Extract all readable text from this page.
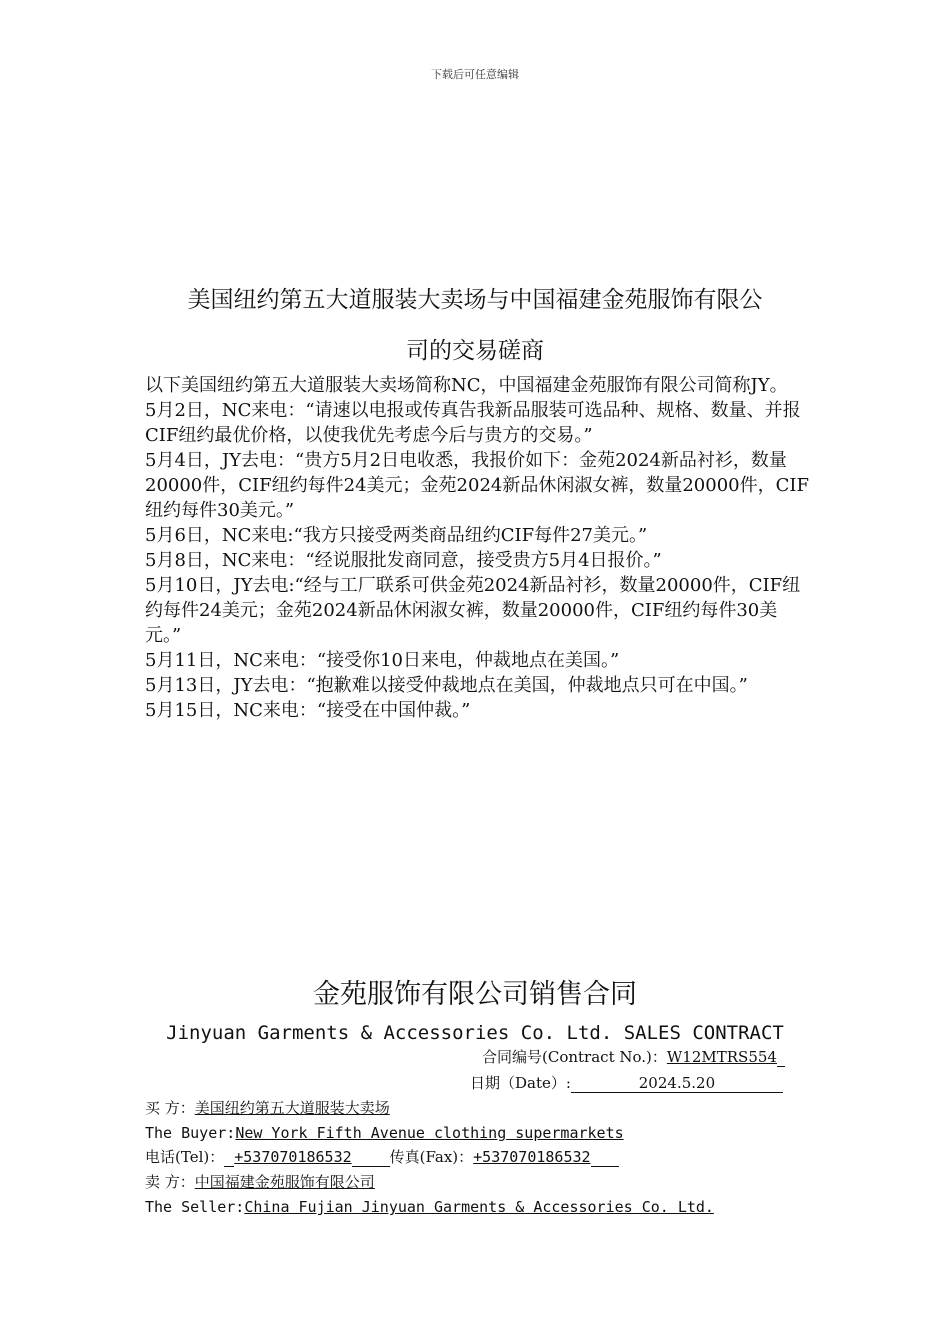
下载后可任意编辑
美国纽约第五大道服装大卖场与中国福建金苑服饰有限公
司的交易磋商

以下美国纽约第五大道服装大卖场简称NC，中国福建金苑服饰有限公司简称JY。

5月2日，NC来电：“请速以电报或传真告我新品服装可选品种、规格、数量、并报CIF纽约最优价格，以使我优先考虑今后与贵方的交易。”

5月4日，JY去电：“贵方5月2日电收悉，我报价如下：金苑2024新品衬衫，数量20000件，CIF纽约每件24美元；金苑2024新品休闲淑女裤，数量20000件，CIF纽约每件30美元。”

5月6日，NC来电:“我方只接受两类商品纽约CIF每件27美元。”

5月8日，NC来电：“经说服批发商同意，接受贵方5月4日报价。”

5月10日，JY去电:“经与工厂联系可供金苑2024新品衬衫，数量20000件，CIF纽约每件24美元；金苑2024新品休闲淑女裤，数量20000件，CIF纽约每件30美元。”

5月11日，NC来电：“接受你10日来电，仲裁地点在美国。”

5月13日，JY去电：“抱歉难以接受仲裁地点在美国，仲裁地点只可在中国。”

5月15日，NC来电：“接受在中国仲裁。”

金苑服饰有限公司销售合同
Jinyuan Garments & Accessories Co. Ltd. SALES CONTRACT
合同编号(Contract No.)：W12MTRS554
日期（Date）:	2024.5.20
买 方：美国纽约第五大道服装大卖场
The Buyer:New York Fifth Avenue clothing supermarkets
电话(Tel)： +537070186532	传真(Fax)：+537070186532
卖 方：中国福建金苑服饰有限公司
The Seller:China Fujian Jinyuan Garments & Accessories Co. Ltd.
